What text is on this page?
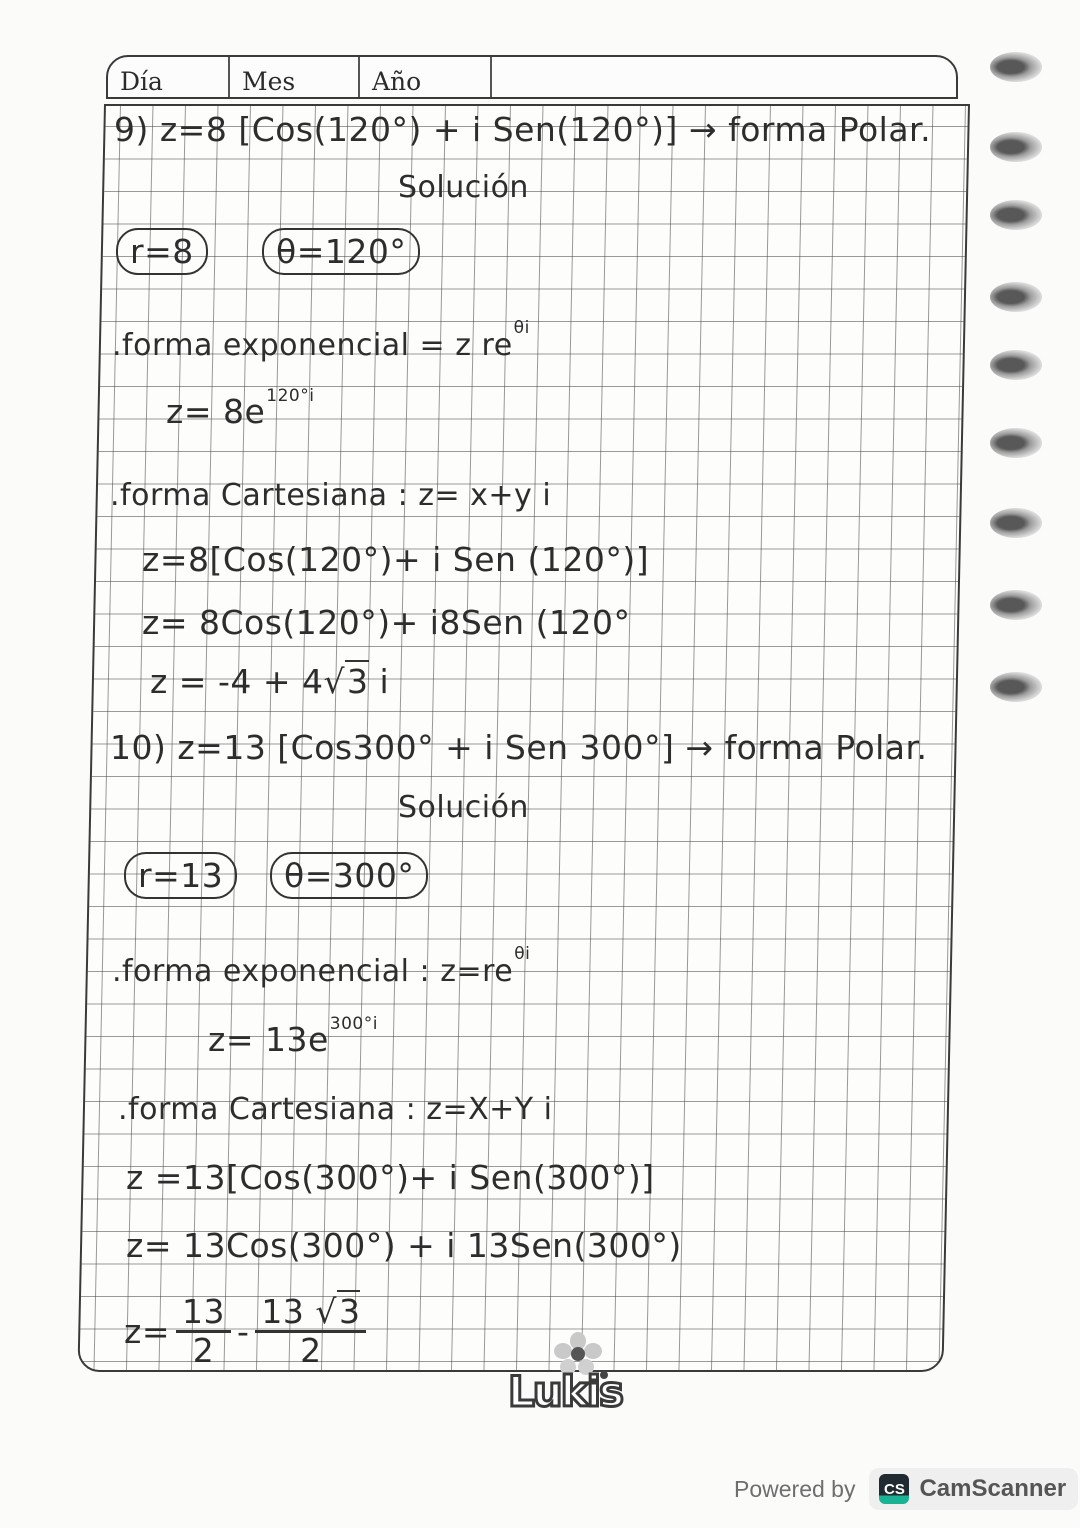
Día	Mes	Año
9) z=8 [Cos(120°) + i Sen(120°)] → forma Polar.
Solución
r=8	θ=120°
.forma exponencial = z $re^{\theta i}$
$z= 8e^{120^\circ i}$
.forma Cartesiana : z= x+y i
z=8[Cos(120°)+ i Sen (120°)]
z= 8Cos(120°)+ i8Sen (120°
z = -4 + 4√3 i
10) z=13 [Cos300° + i Sen 300°] → forma Polar.
Solución
r=13	θ=300°
.forma exponencial : $z=re^{\theta i}$
$z= 13e^{300^\circ i}$
.forma Cartesiana : z=X+Y i
z =13[Cos(300°)+ i Sen(300°)]
z= 13Cos(300°) + i 13Sen(300°)
$z= \frac{13}{2} - \frac{13 √3}{2}$
Lukis
Powered by	CS CamScanner
